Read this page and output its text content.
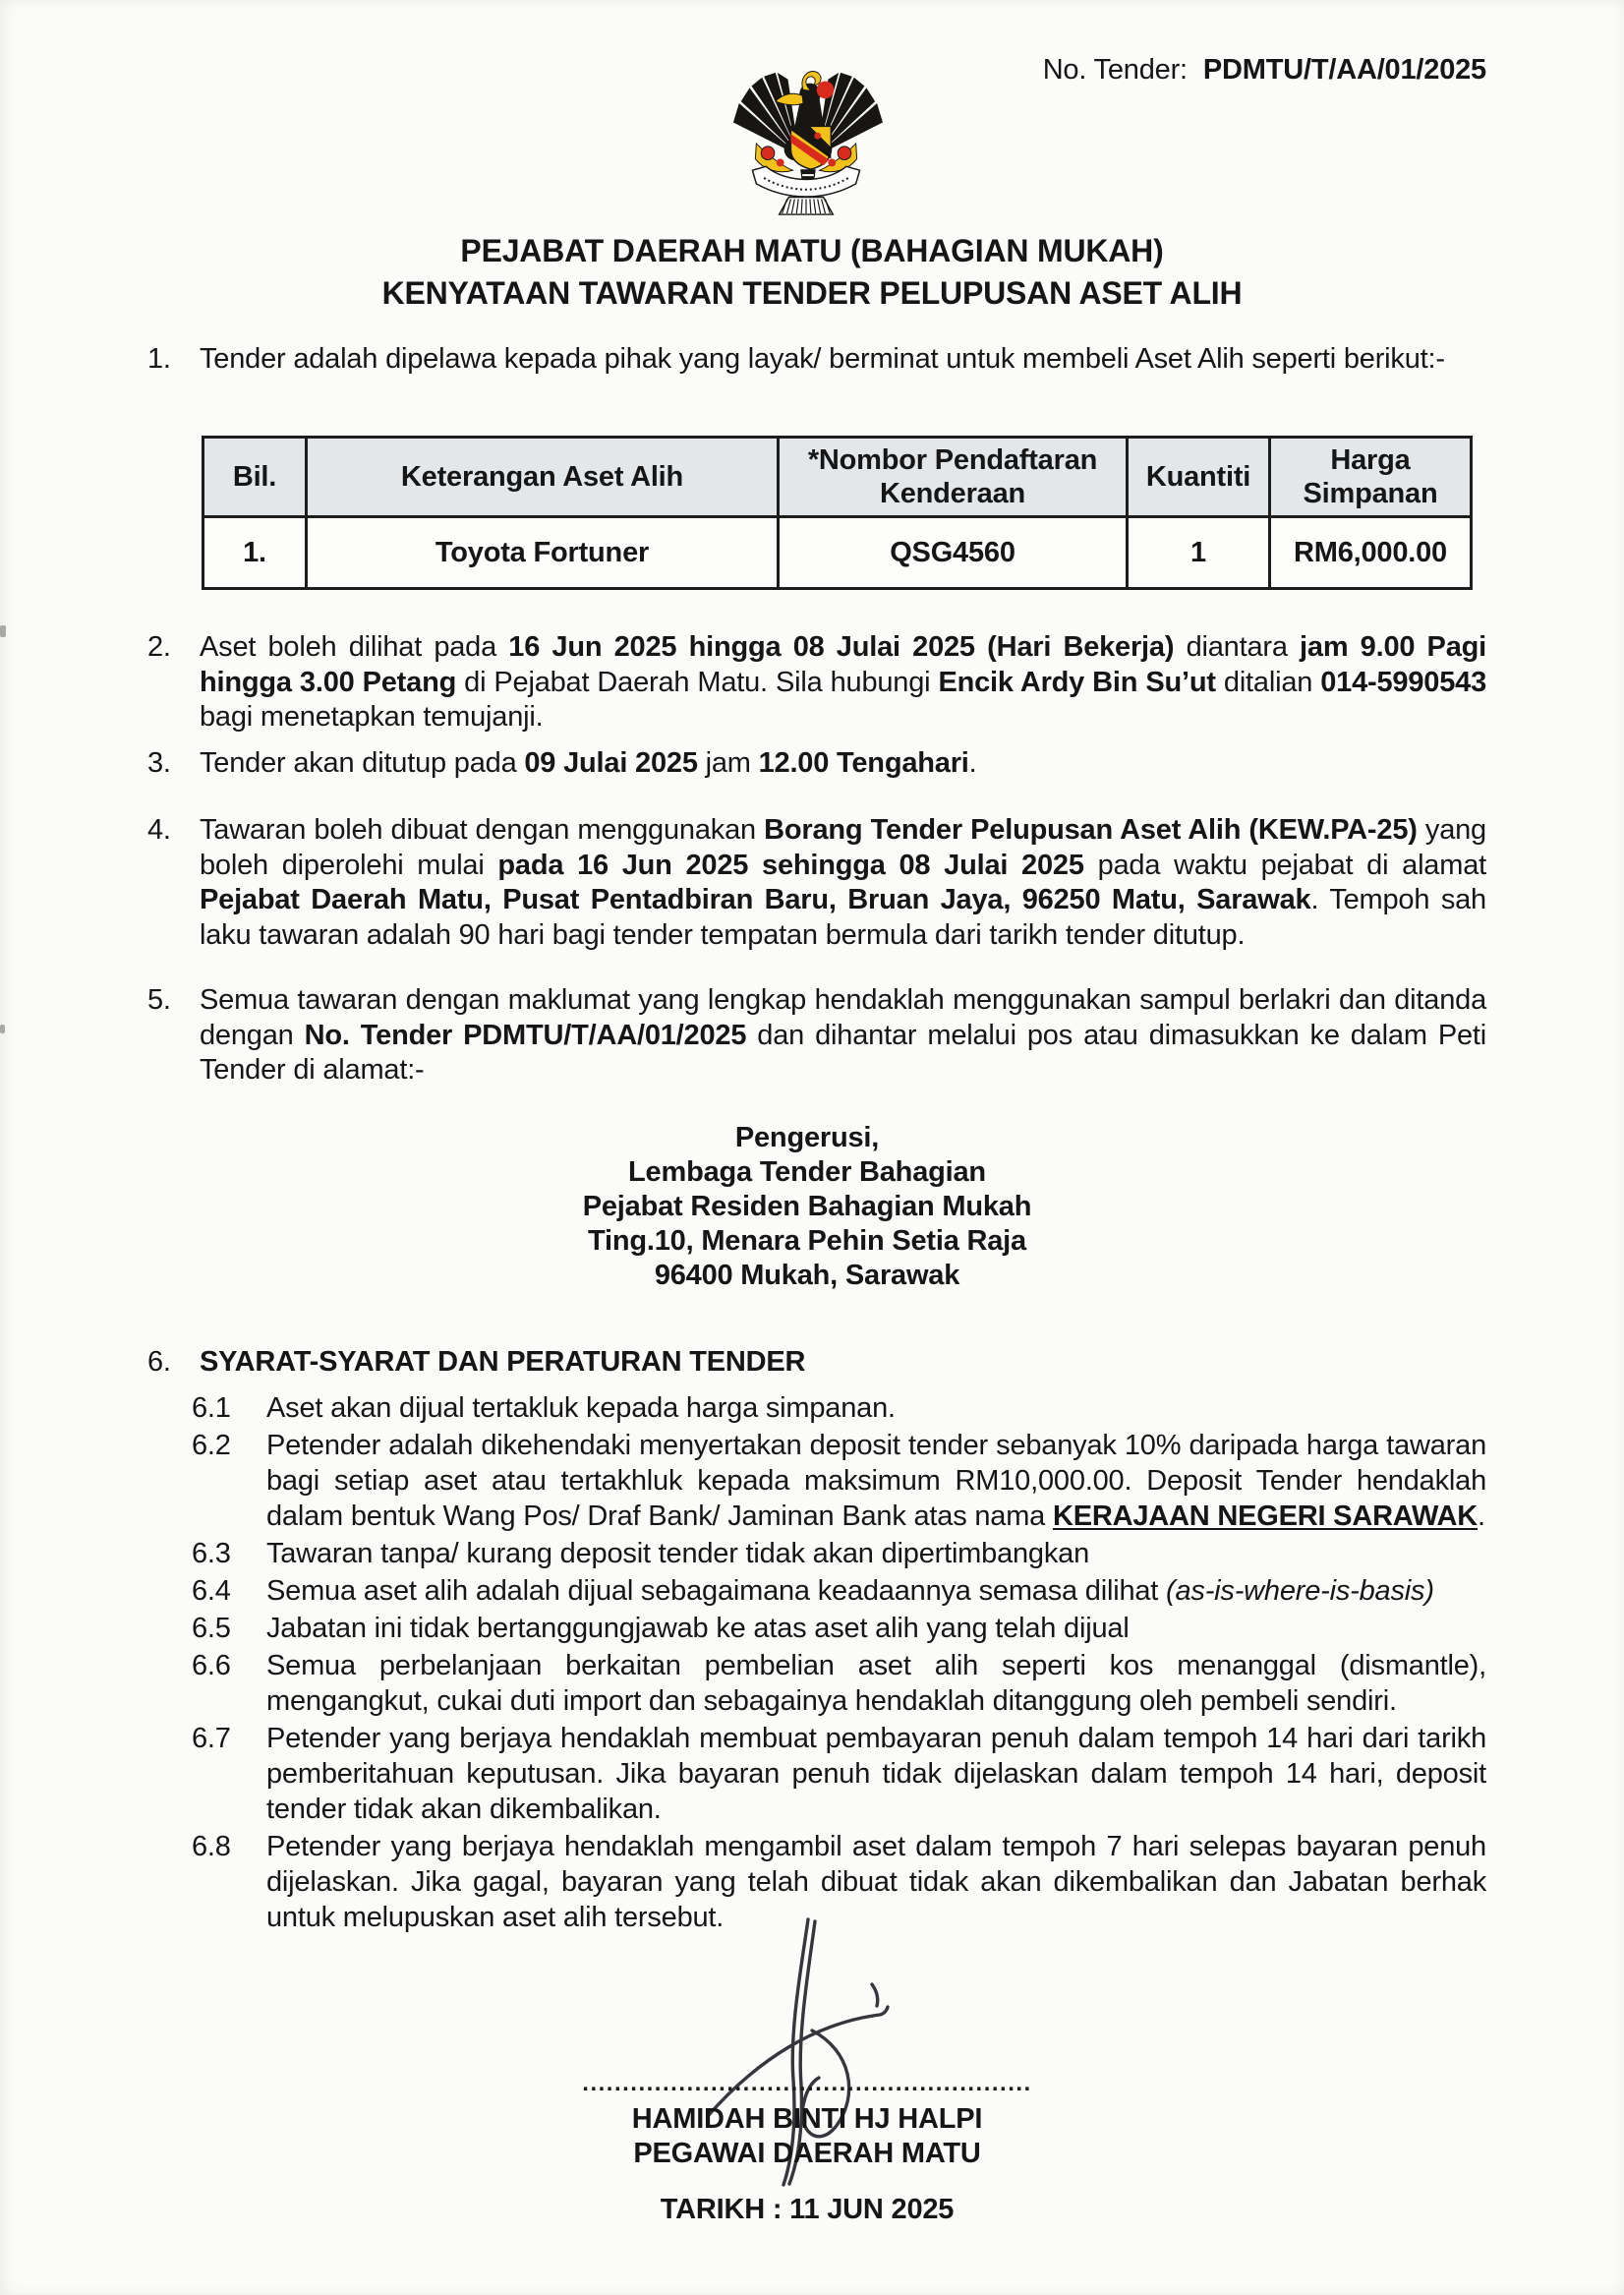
No. Tender: PDMTU/T/AA/01/2025
PEJABAT DAERAH MATU (BAHAGIAN MUKAH)
KENYATAAN TAWARAN TENDER PELUPUSAN ASET ALIH
1.	Tender adalah dipelawa kepada pihak yang layak/ berminat untuk membeli Aset Alih seperti berikut:-
Bil.	Keterangan Aset Alih	*Nombor Pendaftaran Kenderaan	Kuantiti	Harga Simpanan
1.	Toyota Fortuner	QSG4560	1	RM6,000.00
2.	Aset boleh dilihat pada 16 Jun 2025 hingga 08 Julai 2025 (Hari Bekerja) diantara jam 9.00 Pagi hingga 3.00 Petang di Pejabat Daerah Matu. Sila hubungi Encik Ardy Bin Su’ut ditalian 014-5990543 bagi menetapkan temujanji.
3.	Tender akan ditutup pada 09 Julai 2025 jam 12.00 Tengahari.
4.	Tawaran boleh dibuat dengan menggunakan Borang Tender Pelupusan Aset Alih (KEW.PA-25) yang boleh diperolehi mulai pada 16 Jun 2025 sehingga 08 Julai 2025 pada waktu pejabat di alamat Pejabat Daerah Matu, Pusat Pentadbiran Baru, Bruan Jaya, 96250 Matu, Sarawak. Tempoh sah laku tawaran adalah 90 hari bagi tender tempatan bermula dari tarikh tender ditutup.
5.	Semua tawaran dengan maklumat yang lengkap hendaklah menggunakan sampul berlakri dan ditanda dengan No. Tender PDMTU/T/AA/01/2025 dan dihantar melalui pos atau dimasukkan ke dalam Peti Tender di alamat:-
Pengerusi,
Lembaga Tender Bahagian
Pejabat Residen Bahagian Mukah
Ting.10, Menara Pehin Setia Raja
96400 Mukah, Sarawak
6.	SYARAT-SYARAT DAN PERATURAN TENDER
6.1	Aset akan dijual tertakluk kepada harga simpanan.
6.2	Petender adalah dikehendaki menyertakan deposit tender sebanyak 10% daripada harga tawaran bagi setiap aset atau tertakhluk kepada maksimum RM10,000.00. Deposit Tender hendaklah dalam bentuk Wang Pos/ Draf Bank/ Jaminan Bank atas nama KERAJAAN NEGERI SARAWAK.
6.3	Tawaran tanpa/ kurang deposit tender tidak akan dipertimbangkan
6.4	Semua aset alih adalah dijual sebagaimana keadaannya semasa dilihat (as-is-where-is-basis)
6.5	Jabatan ini tidak bertanggungjawab ke atas aset alih yang telah dijual
6.6	Semua perbelanjaan berkaitan pembelian aset alih seperti kos menanggal (dismantle), mengangkut, cukai duti import dan sebagainya hendaklah ditanggung oleh pembeli sendiri.
6.7	Petender yang berjaya hendaklah membuat pembayaran penuh dalam tempoh 14 hari dari tarikh pemberitahuan keputusan. Jika bayaran penuh tidak dijelaskan dalam tempoh 14 hari, deposit tender tidak akan dikembalikan.
6.8	Petender yang berjaya hendaklah mengambil aset dalam tempoh 7 hari selepas bayaran penuh dijelaskan. Jika gagal, bayaran yang telah dibuat tidak akan dikembalikan dan Jabatan berhak untuk melupuskan aset alih tersebut.
........................................................
HAMIDAH BINTI HJ HALPI
PEGAWAI DAERAH MATU
TARIKH : 11 JUN 2025
